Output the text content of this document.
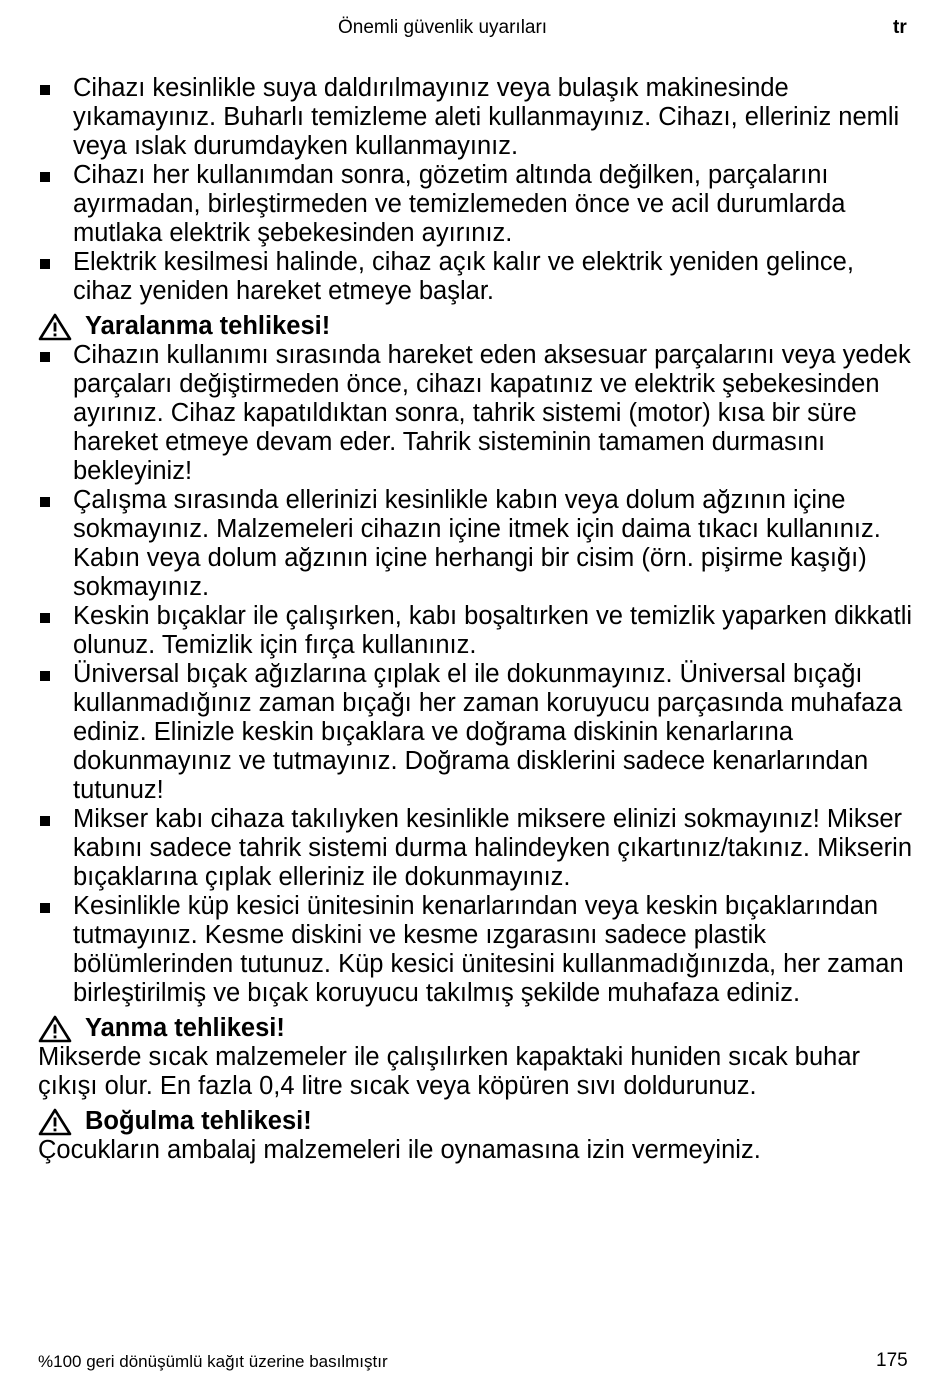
Önemli güvenlik uyarıları	tr
Cihazı kesinlikle suya daldırılmayınız veya bulaşık makinesinde yıkamayınız. Buharlı temizleme aleti kullanmayınız. Cihazı, elleriniz nemli veya ıslak durumdayken kullanmayınız.
Cihazı her kullanımdan sonra, gözetim altında değilken, parçalarını ayırmadan, birleştirmeden ve temizlemeden önce ve acil durumlarda mutlaka elektrik şebekesinden ayırınız.
Elektrik kesilmesi halinde, cihaz açık kalır ve elektrik yeniden gelince, cihaz yeniden hareket etmeye başlar.
Yaralanma tehlikesi!
Cihazın kullanımı sırasında hareket eden aksesuar parçalarını veya yedek parçaları değiştirmeden önce, cihazı kapatınız ve elektrik şebekesinden ayırınız. Cihaz kapatıldıktan sonra, tahrik sistemi (motor) kısa bir süre hareket etmeye devam eder. Tahrik sisteminin tamamen durmasını bekleyiniz!
Çalışma sırasında ellerinizi kesinlikle kabın veya dolum ağzının içine sokmayınız. Malzemeleri cihazın içine itmek için daima tıkacı kullanınız. Kabın veya dolum ağzının içine herhangi bir cisim (örn. pişirme kaşığı) sokmayınız.
Keskin bıçaklar ile çalışırken, kabı boşaltırken ve temizlik yaparken dikkatli olunuz. Temizlik için fırça kullanınız.
Üniversal bıçak ağızlarına çıplak el ile dokunmayınız. Üniversal bıçağı kullanmadığınız zaman bıçağı her zaman koruyucu parçasında muhafaza ediniz. Elinizle keskin bıçaklara ve doğrama diskinin kenarlarına dokunmayınız ve tutmayınız. Doğrama disklerini sadece kenarlarından tutunuz!
Mikser kabı cihaza takılıyken kesinlikle miksere elinizi sokmayınız! Mikser kabını sadece tahrik sistemi durma halindeyken çıkartınız/takınız. Mikserin bıçaklarına çıplak elleriniz ile dokunmayınız.
Kesinlikle küp kesici ünitesinin kenarlarından veya keskin bıçaklarından tutmayınız. Kesme diskini ve kesme ızgarasını sadece plastik bölümlerinden tutunuz. Küp kesici ünitesini kullanmadığınızda, her zaman birleştirilmiş ve bıçak koruyucu takılmış şekilde muhafaza ediniz.
Yanma tehlikesi!

Mikserde sıcak malzemeler ile çalışılırken kapaktaki huniden sıcak buhar çıkışı olur. En fazla 0,4 litre sıcak veya köpüren sıvı doldurunuz.

Boğulma tehlikesi!

Çocukların ambalaj malzemeleri ile oynamasına izin vermeyiniz.

%100 geri dönüşümlü kağıt üzerine basılmıştır	175
